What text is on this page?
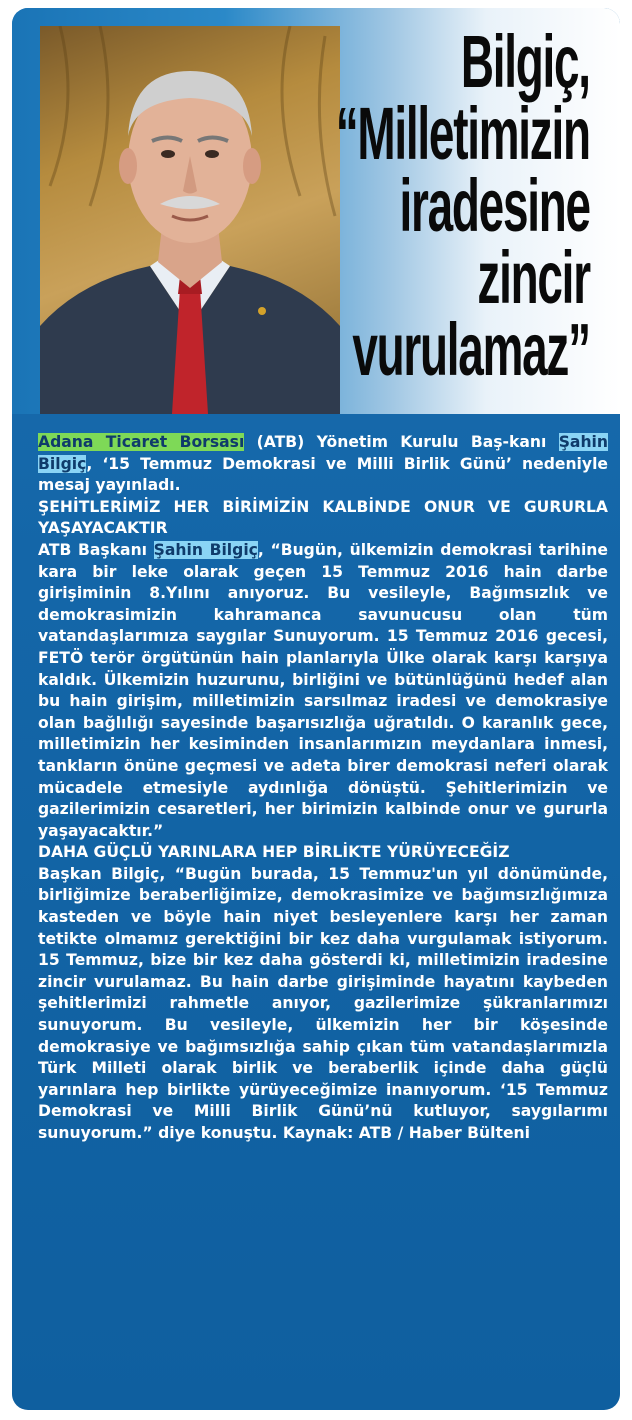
Bilgiç,
“Milletimizin
iradesine
zincir
vurulamaz”

Adana Ticaret Borsası (ATB) Yönetim Kurulu Baş-kanı Şahin Bilgiç, ‘15 Temmuz Demokrasi ve Milli Birlik Günü’ nedeniyle mesaj yayınladı.

ŞEHİTLERİMİZ HER BİRİMİZİN KALBİNDE ONUR VE GURURLA YAŞAYACAKTIR

ATB Başkanı Şahin Bilgiç, “Bugün, ülkemizin demokrasi tarihine kara bir leke olarak geçen 15 Temmuz 2016 hain darbe girişiminin 8.Yılını anıyoruz. Bu vesileyle, Bağımsızlık ve demokrasimizin kahramanca savunucusu olan tüm vatandaşlarımıza saygılar Sunuyorum. 15 Temmuz 2016 gecesi, FETÖ terör örgütünün hain planlarıyla Ülke olarak karşı karşıya kaldık. Ülkemizin huzurunu, birliğini ve bütünlüğünü hedef alan bu hain girişim, milletimizin sarsılmaz iradesi ve demokrasiye olan bağlılığı sayesinde başarısızlığa uğratıldı. O karanlık gece, milletimizin her kesiminden insanlarımızın meydanlara inmesi, tankların önüne geçmesi ve adeta birer demokrasi neferi olarak mücadele etmesiyle aydınlığa dönüştü. Şehitlerimizin ve gazilerimizin cesaretleri, her birimizin kalbinde onur ve gururla yaşayacaktır.”

DAHA GÜÇLÜ YARINLARA HEP BİRLİKTE YÜRÜYECEĞİZ

Başkan Bilgiç, “Bugün burada, 15 Temmuz'un yıl dönümünde, birliğimize beraberliğimize, demokrasimize ve bağımsızlığımıza kasteden ve böyle hain niyet besleyenlere karşı her zaman tetikte olmamız gerektiğini bir kez daha vurgulamak istiyorum. 15 Temmuz, bize bir kez daha gösterdi ki, milletimizin iradesine zincir vurulamaz. Bu hain darbe girişiminde hayatını kaybeden şehitlerimizi rahmetle anıyor, gazilerimize şükranlarımızı sunuyorum. Bu vesileyle, ülkemizin her bir köşesinde demokrasiye ve bağımsızlığa sahip çıkan tüm vatandaşlarımızla Türk Milleti olarak birlik ve beraberlik içinde daha güçlü yarınlara hep birlikte yürüyeceğimize inanıyorum. ‘15 Temmuz Demokrasi ve Milli Birlik Günü’nü kutluyor, saygılarımı sunuyorum.” diye konuştu. Kaynak: ATB / Haber Bülteni
